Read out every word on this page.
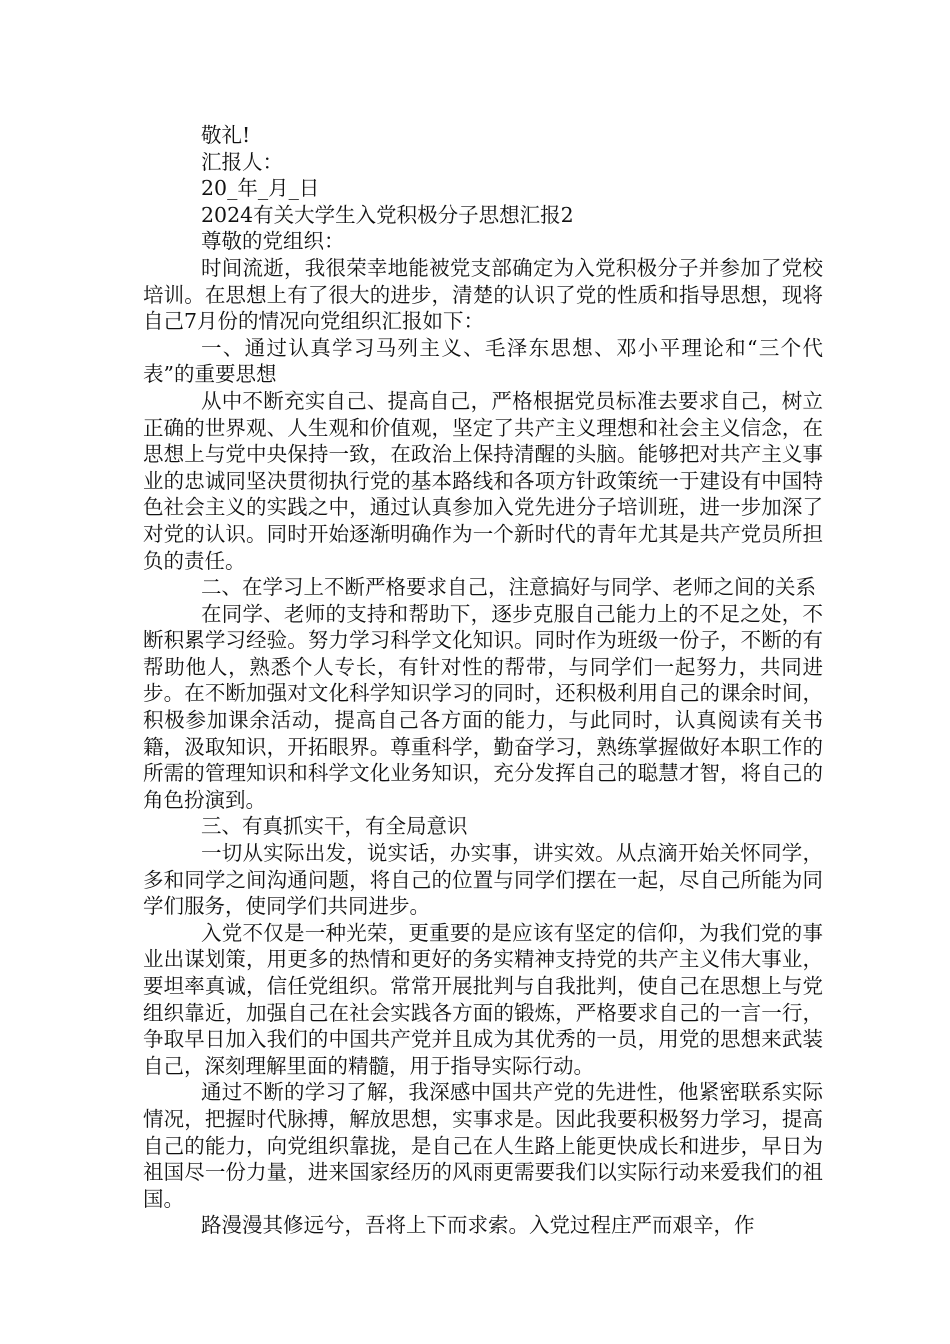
敬礼!

汇报人：

20_年_月_日

2024有关大学生入党积极分子思想汇报2

尊敬的党组织：

时间流逝，我很荣幸地能被党支部确定为入党积极分子并参加了党校培训。在思想上有了很大的进步，清楚的认识了党的性质和指导思想，现将自己7月份的情况向党组织汇报如下：

一、通过认真学习马列主义、毛泽东思想、邓小平理论和“三个代表”的重要思想

从中不断充实自己、提高自己，严格根据党员标准去要求自己，树立正确的世界观、人生观和价值观，坚定了共产主义理想和社会主义信念，在思想上与党中央保持一致，在政治上保持清醒的头脑。能够把对共产主义事业的忠诚同坚决贯彻执行党的基本路线和各项方针政策统一于建设有中国特色社会主义的实践之中，通过认真参加入党先进分子培训班，进一步加深了对党的认识。同时开始逐渐明确作为一个新时代的青年尤其是共产党员所担负的责任。

二、在学习上不断严格要求自己，注意搞好与同学、老师之间的关系

在同学、老师的支持和帮助下，逐步克服自己能力上的不足之处，不断积累学习经验。努力学习科学文化知识。同时作为班级一份子，不断的有帮助他人，熟悉个人专长，有针对性的帮带，与同学们一起努力，共同进步。在不断加强对文化科学知识学习的同时，还积极利用自己的课余时间，积极参加课余活动，提高自己各方面的能力，与此同时，认真阅读有关书籍，汲取知识，开拓眼界。尊重科学，勤奋学习，熟练掌握做好本职工作的所需的管理知识和科学文化业务知识，充分发挥自己的聪慧才智，将自己的角色扮演到。

三、有真抓实干，有全局意识

一切从实际出发，说实话，办实事，讲实效。从点滴开始关怀同学，多和同学之间沟通问题，将自己的位置与同学们摆在一起，尽自己所能为同学们服务，使同学们共同进步。

入党不仅是一种光荣，更重要的是应该有坚定的信仰，为我们党的事业出谋划策，用更多的热情和更好的务实精神支持党的共产主义伟大事业，要坦率真诚，信任党组织。常常开展批判与自我批判，使自己在思想上与党组织靠近，加强自己在社会实践各方面的锻炼，严格要求自己的一言一行，争取早日加入我们的中国共产党并且成为其优秀的一员，用党的思想来武装自己，深刻理解里面的精髓，用于指导实际行动。

通过不断的学习了解，我深感中国共产党的先进性，他紧密联系实际情况，把握时代脉搏，解放思想，实事求是。因此我要积极努力学习，提高自己的能力，向党组织靠拢，是自己在人生路上能更快成长和进步，早日为祖国尽一份力量，进来国家经历的风雨更需要我们以实际行动来爱我们的祖国。

路漫漫其修远兮，吾将上下而求索。入党过程庄严而艰辛，作
